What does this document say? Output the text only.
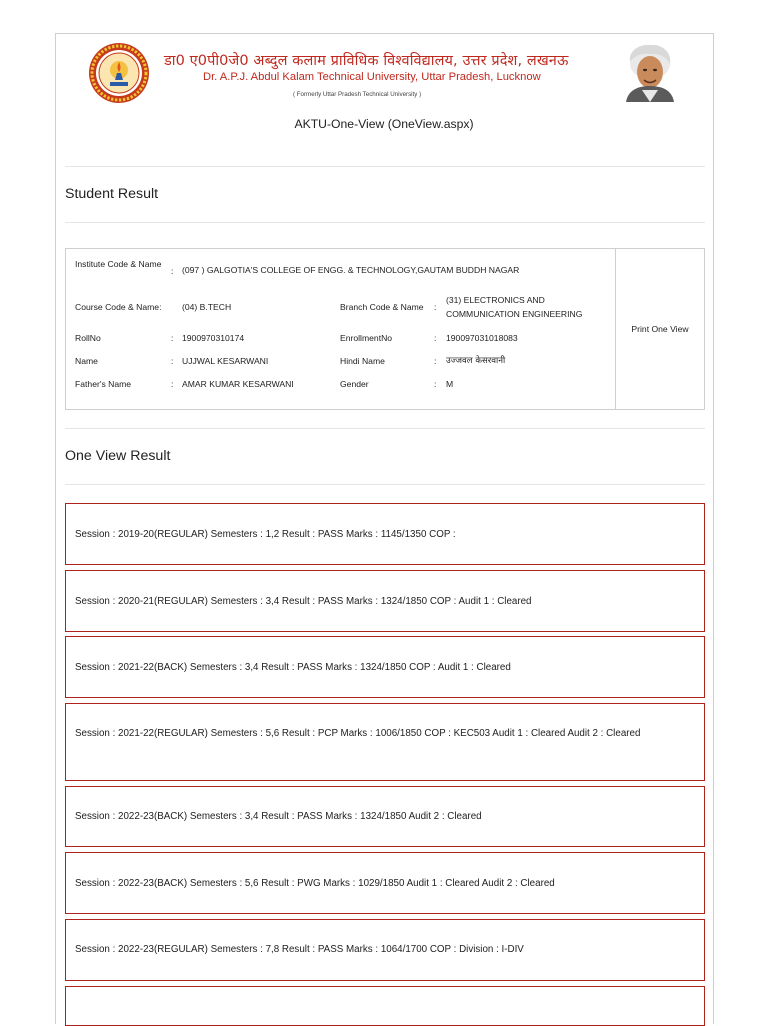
डा0 ए0पी0जे0 अब्दुल कलाम प्राविधिक विश्वविद्यालय, उत्तर प्रदेश, लखनऊ
Dr. A.P.J. Abdul Kalam Technical University, Uttar Pradesh, Lucknow
( Formerly Uttar Pradesh Technical University )
AKTU-One-View (OneView.aspx)
Student Result
Institute Code & Name
: (097 ) GALGOTIA'S COLLEGE OF ENGG. & TECHNOLOGY,GAUTAM BUDDH NAGAR
Course Code & Name: (04) B.TECH	Branch Code & Name :
(31) ELECTRONICS AND COMMUNICATION ENGINEERING
RollNo	: 1900970310174	EnrollmentNo	: 190097031018083
Name	: UJJWAL KESARWANI	Hindi Name	: उज्जवल केसरवानी
Father's Name	: AMAR KUMAR KESARWANI	Gender	: M
Print One View
One View Result
Session : 2019-20(REGULAR) Semesters : 1,2 Result : PASS Marks : 1145/1350 COP :
Session : 2020-21(REGULAR) Semesters : 3,4 Result : PASS Marks : 1324/1850 COP : Audit 1 : Cleared
Session : 2021-22(BACK) Semesters : 3,4 Result : PASS Marks : 1324/1850 COP : Audit 1 : Cleared
Session : 2021-22(REGULAR) Semesters : 5,6 Result : PCP Marks : 1006/1850 COP : KEC503 Audit 1 : Cleared Audit 2 : Cleared
Session : 2022-23(BACK) Semesters : 3,4 Result : PASS Marks : 1324/1850 Audit 2 : Cleared
Session : 2022-23(BACK) Semesters : 5,6 Result : PWG Marks : 1029/1850 Audit 1 : Cleared Audit 2 : Cleared
Session : 2022-23(REGULAR) Semesters : 7,8 Result : PASS Marks : 1064/1700 COP : Division : I-DIV
